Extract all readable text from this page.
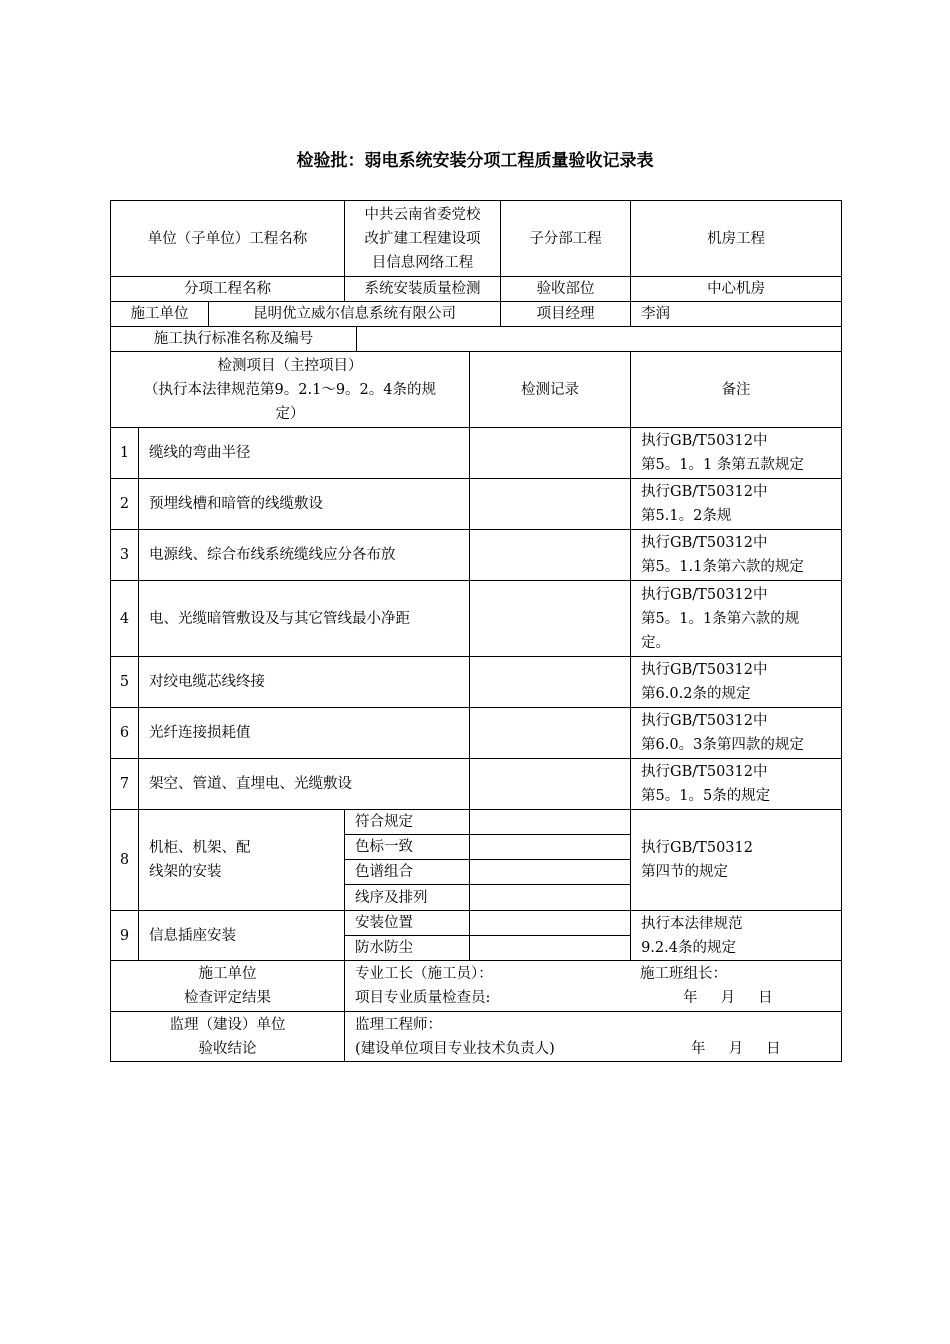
检验批：弱电系统安装分项工程质量验收记录表
单位（子单位）工程名称			中共云南省委党校
改扩建工程建设项
目信息网络工程			子分部工程	机房工程
分项工程名称			系统安装质量检测			验收部位	中心机房
施工单位		昆明优立威尔信息系统有限公司				项目经理	李润
施工执行标准名称及编号							
检测项目（主控项目）
（执行本法律规范第9。2.1～9。2。4条的规
定）					检测记录		备注
1	缆线的弯曲半径						执行GB/T50312中
第5。1。1 条第五款规定
2	预埋线槽和暗管的线缆敷设						执行GB/T50312中
第5.1。2条规
3	电源线、综合布线系统缆线应分各布放						执行GB/T50312中
第5。1.1条第六款的规定
4	电、光缆暗管敷设及与其它管线最小净距						执行GB/T50312中
第5。1。1条第六款的规
定。
5	对绞电缆芯线终接						执行GB/T50312中
第6.0.2条的规定
6	光纤连接损耗值						执行GB/T50312中
第6.0。3条第四款的规定
7	架空、管道、直埋电、光缆敷设						执行GB/T50312中
第5。1。5条的规定
8	机柜、机架、配
线架的安装		符合规定				执行GB/T50312
第四节的规定
			色标一致				
			色谱组合				
			线序及排列				
9	信息插座安装		安装位置				执行本法律规范
9.2.4条的规定
			防水防尘				
施工单位
检查评定结果			专业工长（施工员）： 施工班组长：
项目专业质量检查员: 年     月     日				

监理（建设）单位
验收结论			监理工程师：
(建设单位项目专业技术负责人) 年     月     日				
